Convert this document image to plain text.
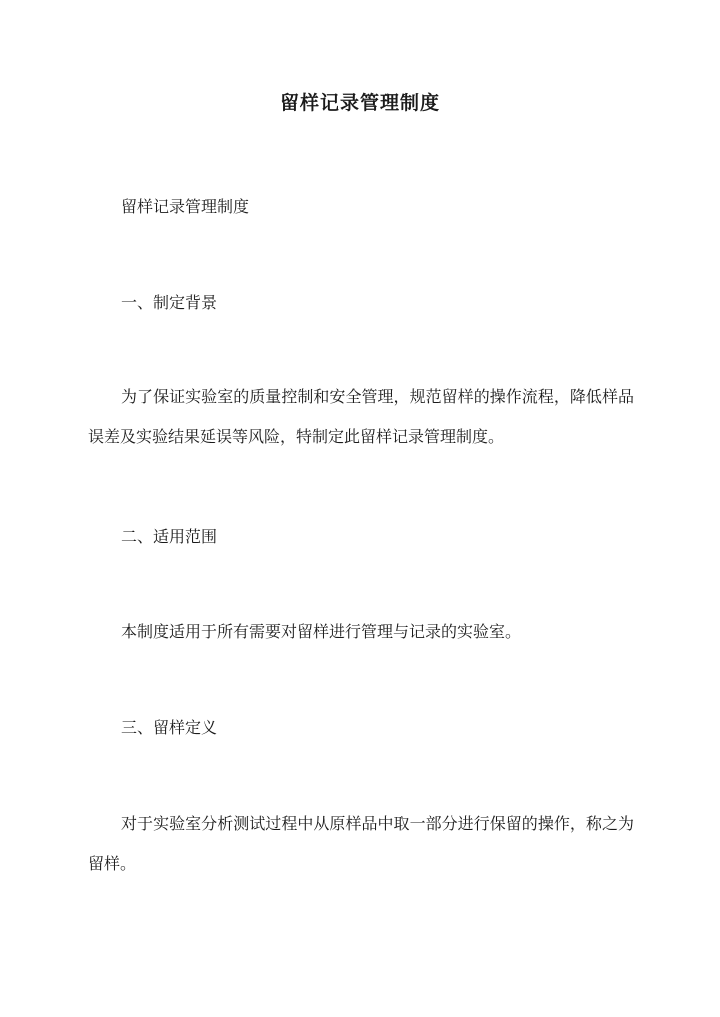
留样记录管理制度

留样记录管理制度

一、制定背景

为了保证实验室的质量控制和安全管理，规范留样的操作流程，降低样品误差及实验结果延误等风险，特制定此留样记录管理制度。

二、适用范围

本制度适用于所有需要对留样进行管理与记录的实验室。

三、留样定义

对于实验室分析测试过程中从原样品中取一部分进行保留的操作，称之为留样。
